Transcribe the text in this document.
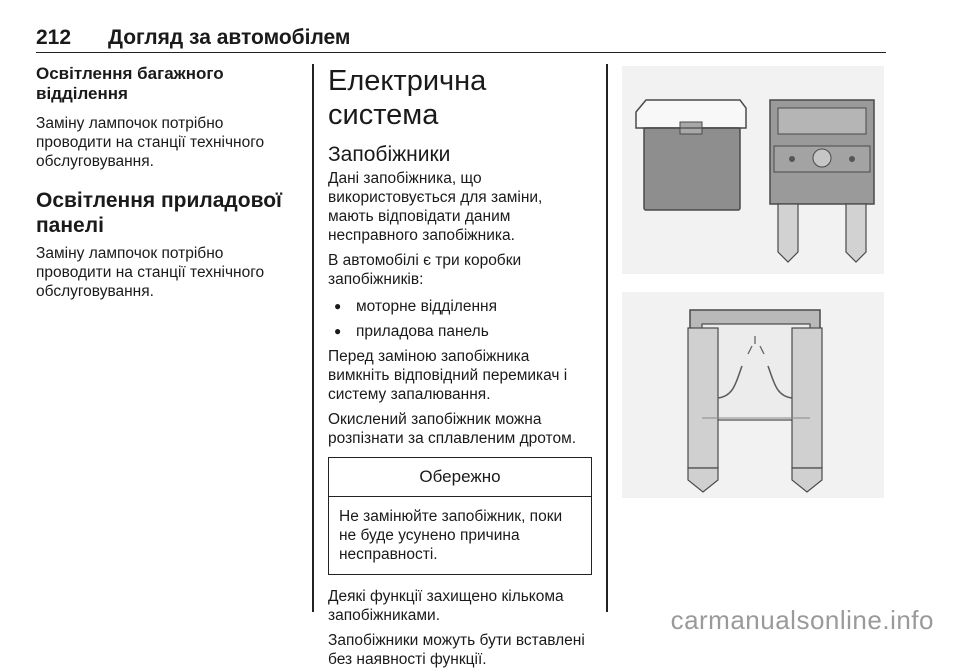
212 Догляд за автомобілем
Освітлення багажного відділення

Заміну лампочок потрібно проводити на станції технічного обслуговування.

Освітлення приладової панелі

Заміну лампочок потрібно проводити на станції технічного обслуговування.

Електрична система
Запобіжники

Дані запобіжника, що використовується для заміни, мають відповідати даним несправного запобіжника.

В автомобілі є три коробки запобіжників:

● моторне відділення
● приладова панель

Перед заміною запобіжника вимкніть відповідний перемикач і систему запалювання.

Окислений запобіжник можна розпізнати за сплавленим дротом.

Обережно
Не замінюйте запобіжник, поки не буде усунено причина несправності.

Деякі функції захищено кількома запобіжниками.

Запобіжники можуть бути вставлені без наявності функції.

carmanualsonline.info
